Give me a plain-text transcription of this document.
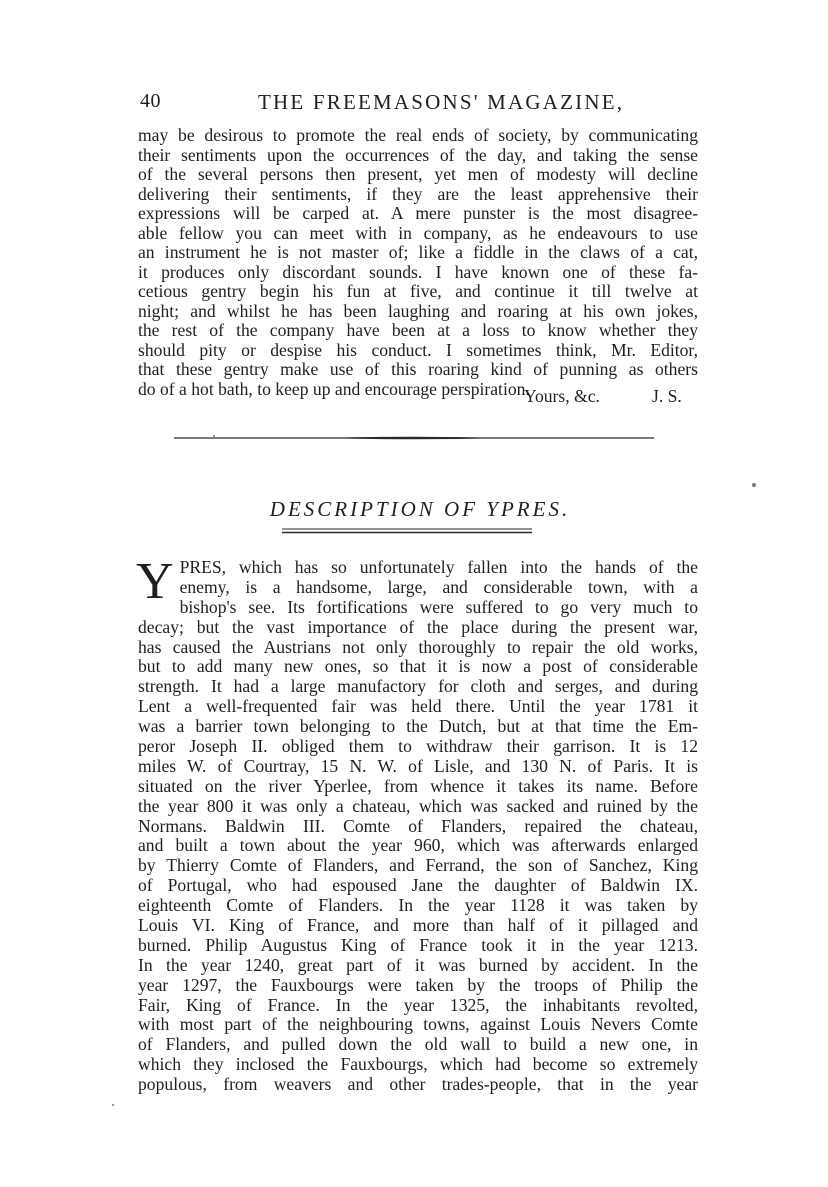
40	THE FREEMASONS' MAGAZINE,
may be desirous to promote the real ends of society, by communicating
their sentiments upon the occurrences of the day, and taking the sense
of the several persons then present, yet men of modesty will decline
delivering their sentiments, if they are the least apprehensive their
expressions will be carped at. A mere punster is the most disagree-
able fellow you can meet with in company, as he endeavours to use
an instrument he is not master of; like a fiddle in the claws of a cat,
it produces only discordant sounds. I have known one of these fa-
cetious gentry begin his fun at five, and continue it till twelve at
night; and whilst he has been laughing and roaring at his own jokes,
the rest of the company have been at a loss to know whether they
should pity or despise his conduct. I sometimes think, Mr. Editor,
that these gentry make use of this roaring kind of punning as others
do of a hot bath, to keep up and encourage perspiration.
Yours, &c.	J. S.
DESCRIPTION OF YPRES.
Y PRES, which has so unfortunately fallen into the hands of the
enemy, is a handsome, large, and considerable town, with a
bishop's see. Its fortifications were suffered to go very much to
decay; but the vast importance of the place during the present war,
has caused the Austrians not only thoroughly to repair the old works,
but to add many new ones, so that it is now a post of considerable
strength. It had a large manufactory for cloth and serges, and during
Lent a well-frequented fair was held there. Until the year 1781 it
was a barrier town belonging to the Dutch, but at that time the Em-
peror Joseph II. obliged them to withdraw their garrison. It is 12
miles W. of Courtray, 15 N. W. of Lisle, and 130 N. of Paris. It is
situated on the river Yperlee, from whence it takes its name. Before
the year 800 it was only a chateau, which was sacked and ruined by the
Normans. Baldwin III. Comte of Flanders, repaired the chateau,
and built a town about the year 960, which was afterwards enlarged
by Thierry Comte of Flanders, and Ferrand, the son of Sanchez, King
of Portugal, who had espoused Jane the daughter of Baldwin IX.
eighteenth Comte of Flanders. In the year 1128 it was taken by
Louis VI. King of France, and more than half of it pillaged and
burned. Philip Augustus King of France took it in the year 1213.
In the year 1240, great part of it was burned by accident. In the
year 1297, the Fauxbourgs were taken by the troops of Philip the
Fair, King of France. In the year 1325, the inhabitants revolted,
with most part of the neighbouring towns, against Louis Nevers Comte
of Flanders, and pulled down the old wall to build a new one, in
which they inclosed the Fauxbourgs, which had become so extremely
populous, from weavers and other trades-people, that in the year
